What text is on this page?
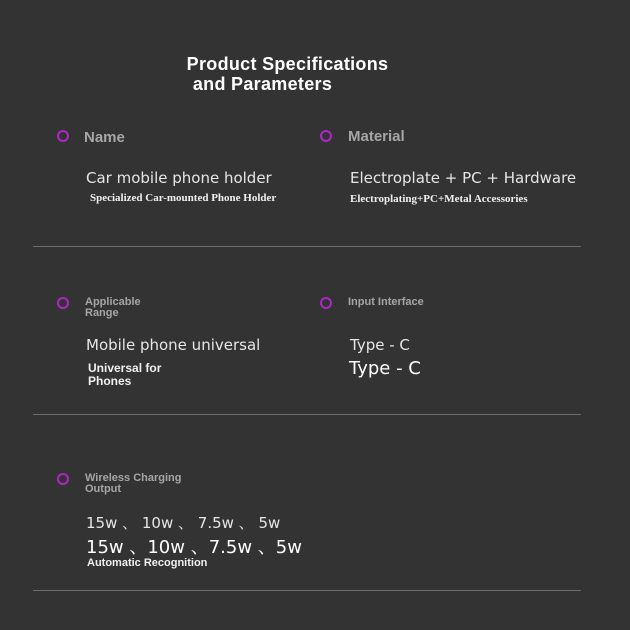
Product Specifications
and Parameters
Name
Car mobile phone holder
Specialized Car-mounted Phone Holder
Material
Electroplate + PC + Hardware
Electroplating+PC+Metal Accessories
Applicable Range
Mobile phone universal
Universal for Phones
Input Interface
Type - C
Type - C
Wireless Charging Output
15w 、 10w 、 7.5w 、 5w
15w 、10w 、7.5w 、5w
Automatic Recognition
